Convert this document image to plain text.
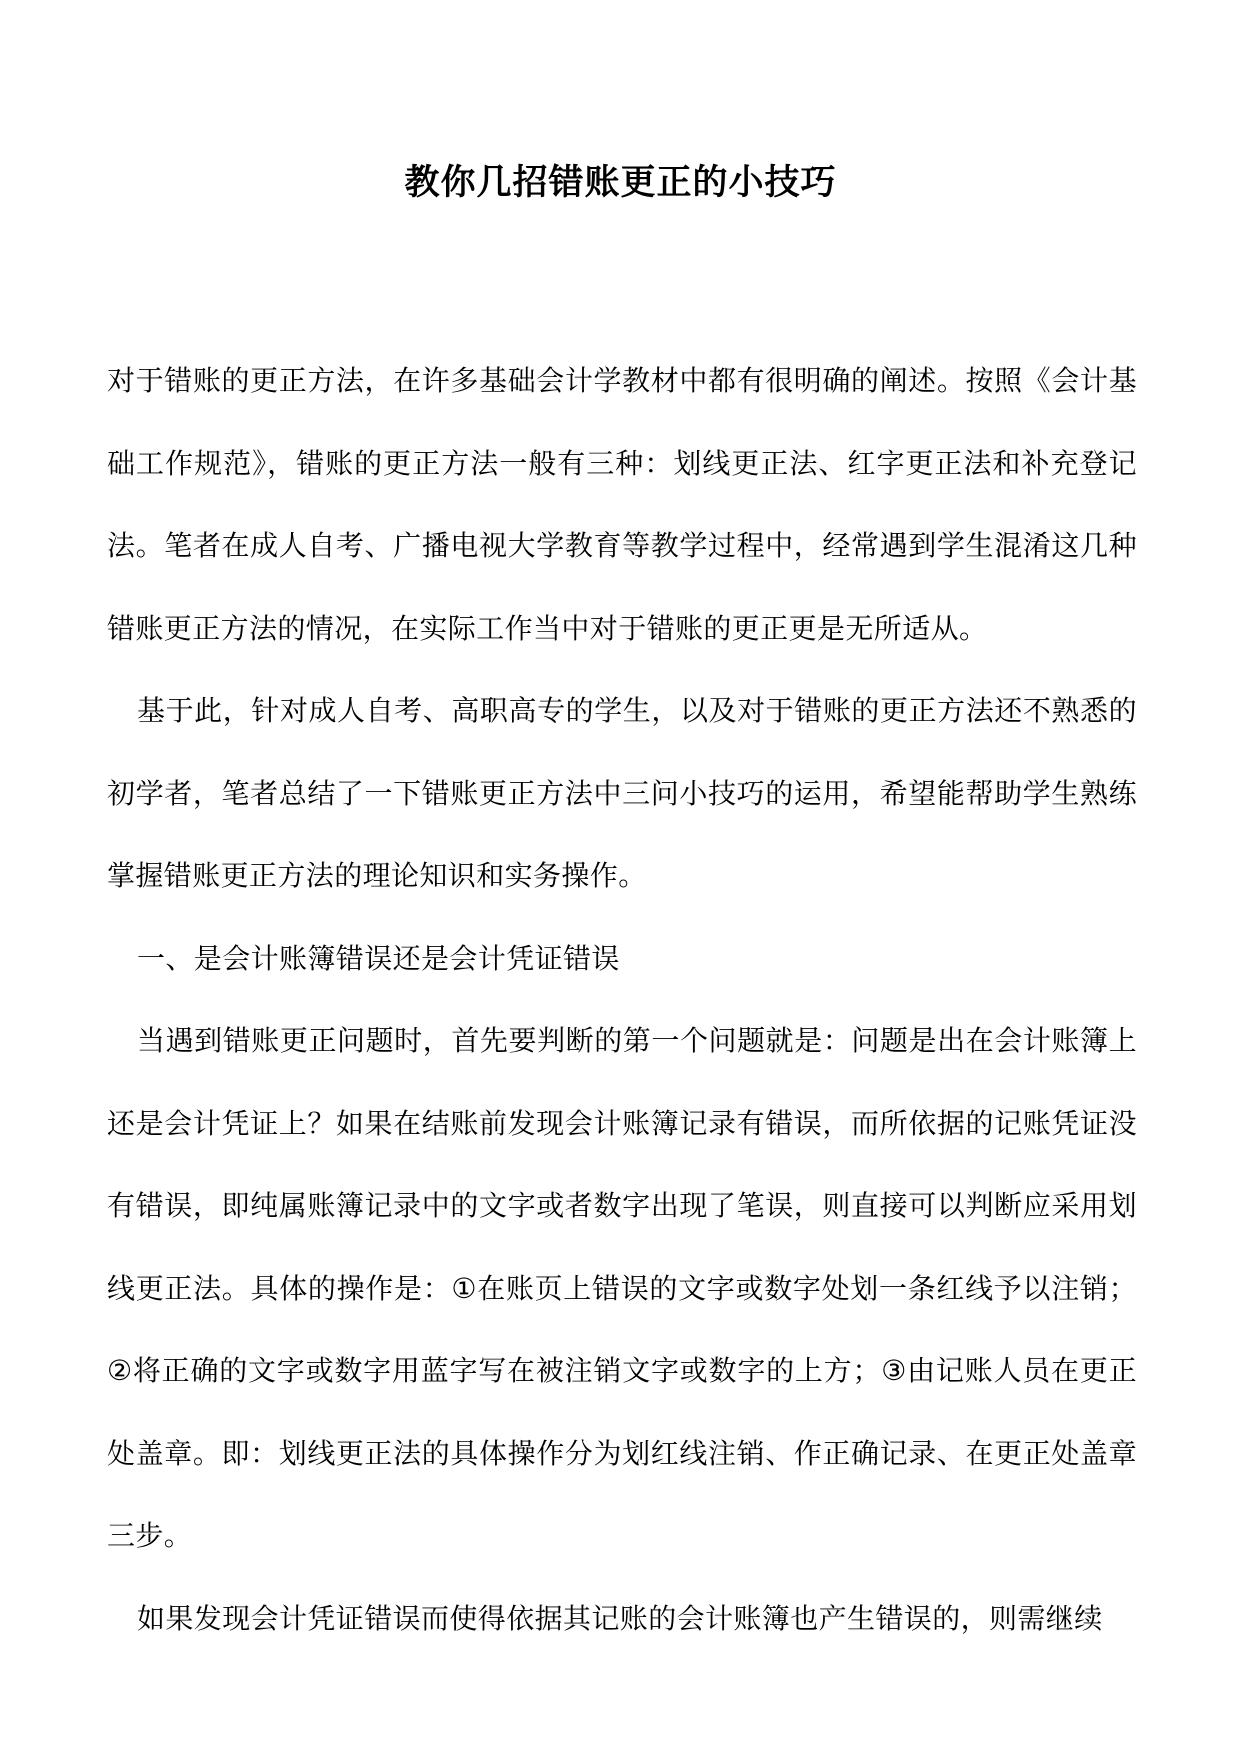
教你几招错账更正的小技巧

对于错账的更正方法，在许多基础会计学教材中都有很明确的阐述。按照《会计基础工作规范》，错账的更正方法一般有三种：划线更正法、红字更正法和补充登记法。笔者在成人自考、广播电视大学教育等教学过程中，经常遇到学生混淆这几种错账更正方法的情况，在实际工作当中对于错账的更正更是无所适从。

基于此，针对成人自考、高职高专的学生，以及对于错账的更正方法还不熟悉的初学者，笔者总结了一下错账更正方法中三问小技巧的运用，希望能帮助学生熟练掌握错账更正方法的理论知识和实务操作。

一、是会计账簿错误还是会计凭证错误

当遇到错账更正问题时，首先要判断的第一个问题就是：问题是出在会计账簿上还是会计凭证上？如果在结账前发现会计账簿记录有错误，而所依据的记账凭证没有错误，即纯属账簿记录中的文字或者数字出现了笔误，则直接可以判断应采用划线更正法。具体的操作是：①在账页上错误的文字或数字处划一条红线予以注销；②将正确的文字或数字用蓝字写在被注销文字或数字的上方；③由记账人员在更正处盖章。即：划线更正法的具体操作分为划红线注销、作正确记录、在更正处盖章三步。

如果发现会计凭证错误而使得依据其记账的会计账簿也产生错误的，则需继续
